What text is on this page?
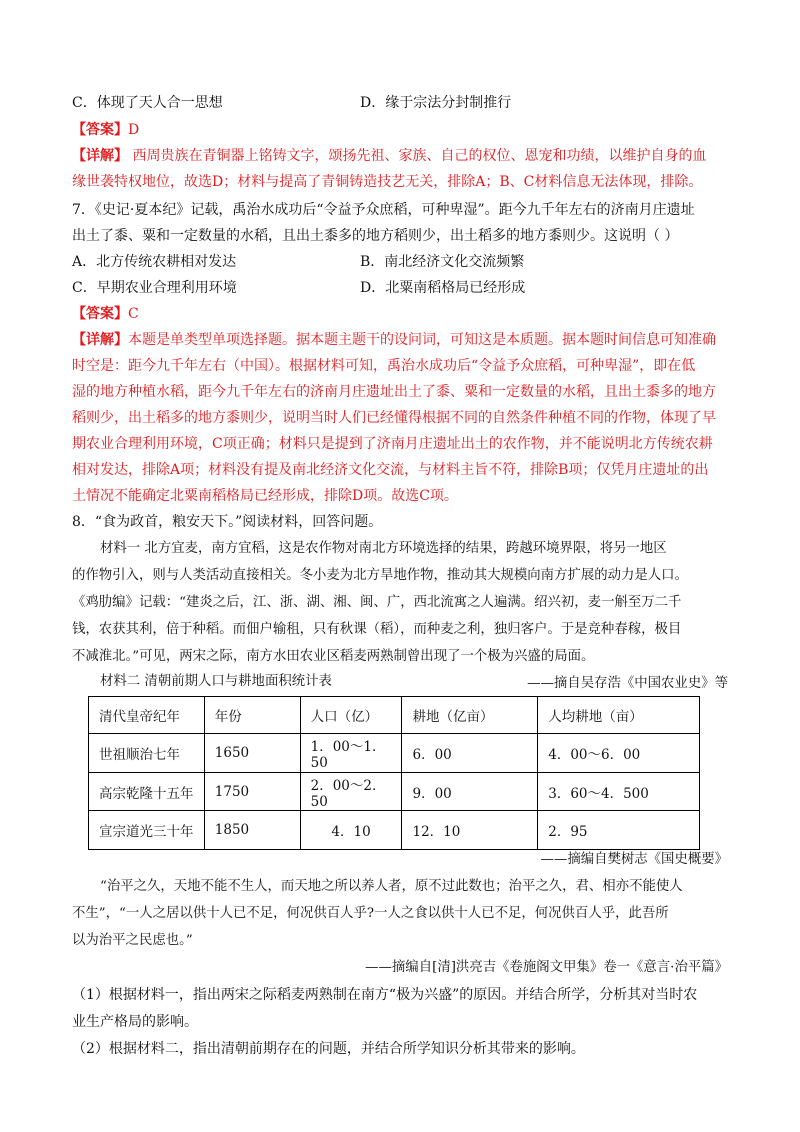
C．体现了天人合一思想	D．缘于宗法分封制推行
【答案】D
【详解】 西周贵族在青铜器上铭铸文字，颂扬先祖、家族、自己的权位、恩宠和功绩，以维护自身的血
缘世袭特权地位，故选D；材料与提高了青铜铸造技艺无关，排除A；B、C材料信息无法体现，排除。
7．《史记·夏本纪》记载，禹治水成功后“令益予众庶稻，可种卑湿”。距今九千年左右的济南月庄遗址
出土了黍、粟和一定数量的水稻，且出土黍多的地方稻则少，出土稻多的地方黍则少。这说明（ ）
A．北方传统农耕相对发达	B．南北经济文化交流频繁
C．早期农业合理利用环境	D．北粟南稻格局已经形成
【答案】C
【详解】本题是单类型单项选择题。据本题主题干的设问词，可知这是本质题。据本题时间信息可知准确
时空是：距今九千年左右（中国）。根据材料可知，禹治水成功后“令益予众庶稻，可种卑湿”，即在低
湿的地方种植水稻，距今九千年左右的济南月庄遗址出土了黍、粟和一定数量的水稻，且出土黍多的地方
稻则少，出土稻多的地方黍则少，说明当时人们已经懂得根据不同的自然条件种植不同的作物，体现了早
期农业合理利用环境，C项正确；材料只是提到了济南月庄遗址出土的农作物，并不能说明北方传统农耕
相对发达，排除A项；材料没有提及南北经济文化交流，与材料主旨不符，排除B项；仅凭月庄遗址的出
土情况不能确定北粟南稻格局已经形成，排除D项。故选C项。
8．“食为政首，粮安天下。”阅读材料，回答问题。
材料一 北方宜麦，南方宜稻，这是农作物对南北方环境选择的结果，跨越环境界限，将另一地区
的作物引入，则与人类活动直接相关。冬小麦为北方旱地作物，推动其大规模向南方扩展的动力是人口。
《鸡肋编》记载：“建炎之后，江、浙、湖、湘、闽、广，西北流寓之人遍满。绍兴初，麦一斛至万二千
钱，农获其利，倍于种稻。而佃户输租，只有秋课（稻），而种麦之利，独归客户。于是竞种春稼，极目
不减淮北。”可见，两宋之际，南方水田农业区稻麦两熟制曾出现了一个极为兴盛的局面。
——摘自吴存浩《中国农业史》等
材料二 清朝前期人口与耕地面积统计表
清代皇帝纪年	年份	人口（亿）	耕地（亿亩）	人均耕地（亩）
世祖顺治七年	1650	1．00～1．50	6．00	4．00～6．00
高宗乾隆十五年	1750	2．00～2．50	9．00	3．60～4．500
宣宗道光三十年	1850	4．10	12．10	2．95
——摘编自樊树志《国史概要》
“治平之久，天地不能不生人，而天地之所以养人者，原不过此数也；治平之久，君、相亦不能使人
不生”，“一人之居以供十人已不足，何况供百人乎?一人之食以供十人已不足，何况供百人乎，此吾所
以为治平之民虑也。”
——摘编自[清]洪亮吉《卷施阁文甲集》卷一《意言·治平篇》
（1）根据材料一，指出两宋之际稻麦两熟制在南方“极为兴盛”的原因。并结合所学，分析其对当时农
业生产格局的影响。
（2）根据材料二，指出清朝前期存在的问题，并结合所学知识分析其带来的影响。
